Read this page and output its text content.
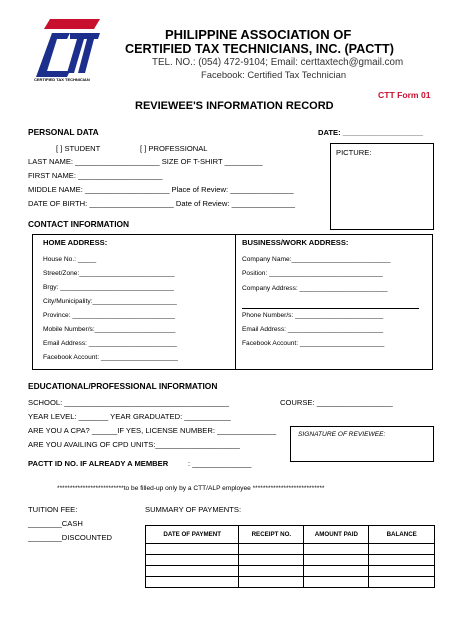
CERTIFIED TAX TECHNICIAN
PHILIPPINE ASSOCIATION OF
CERTIFIED TAX TECHNICIANS, INC. (PACTT)
TEL. NO.: (054) 472-9104; Email: certtaxtech@gmail.com
Facebook: Certified Tax Technician
CTT Form 01
REVIEWEE'S INFORMATION RECORD
PERSONAL DATA	DATE: ___________________
[ ] STUDENT	[ ] PROFESSIONAL
LAST NAME: ____________________ SIZE OF T-SHIRT _________
FIRST NAME: ____________________
MIDDLE NAME: ____________________ Place of Review: _______________
DATE OF BIRTH: ____________________ Date of Review: _______________
PICTURE:
CONTACT INFORMATION
HOME ADDRESS:
House No.: _____
Street/Zone:__________________________
Brgy: _______________________________
City/Municipality:_______________________
Province: ____________________________
Mobile Number/s:______________________
Email Address: ________________________
Facebook Account: _____________________
BUSINESS/WORK ADDRESS:
Company Name:___________________________
Position: _______________________________
Company Address: ________________________
Phone Number/s: ________________________
Email Address: __________________________
Facebook Account: _______________________
EDUCATIONAL/PROFESSIONAL INFORMATION
SCHOOL: _______________________________________	COURSE: __________________
YEAR LEVEL: _______ YEAR GRADUATED: ___________
ARE YOU A CPA? ______IF YES, LICENSE NUMBER: ______________
ARE YOU AVAILING OF CPD UNITS:____________________
SIGNATURE OF REVIEWEE:
PACTT ID NO. IF ALREADY A MEMBER	: ______________
**************************to be filled-up only by a CTT/ALP employee ****************************
TUITION FEE:
________CASH
________DISCOUNTED
SUMMARY OF PAYMENTS:
DATE OF PAYMENT	RECEIPT NO.	AMOUNT PAID	BALANCE
